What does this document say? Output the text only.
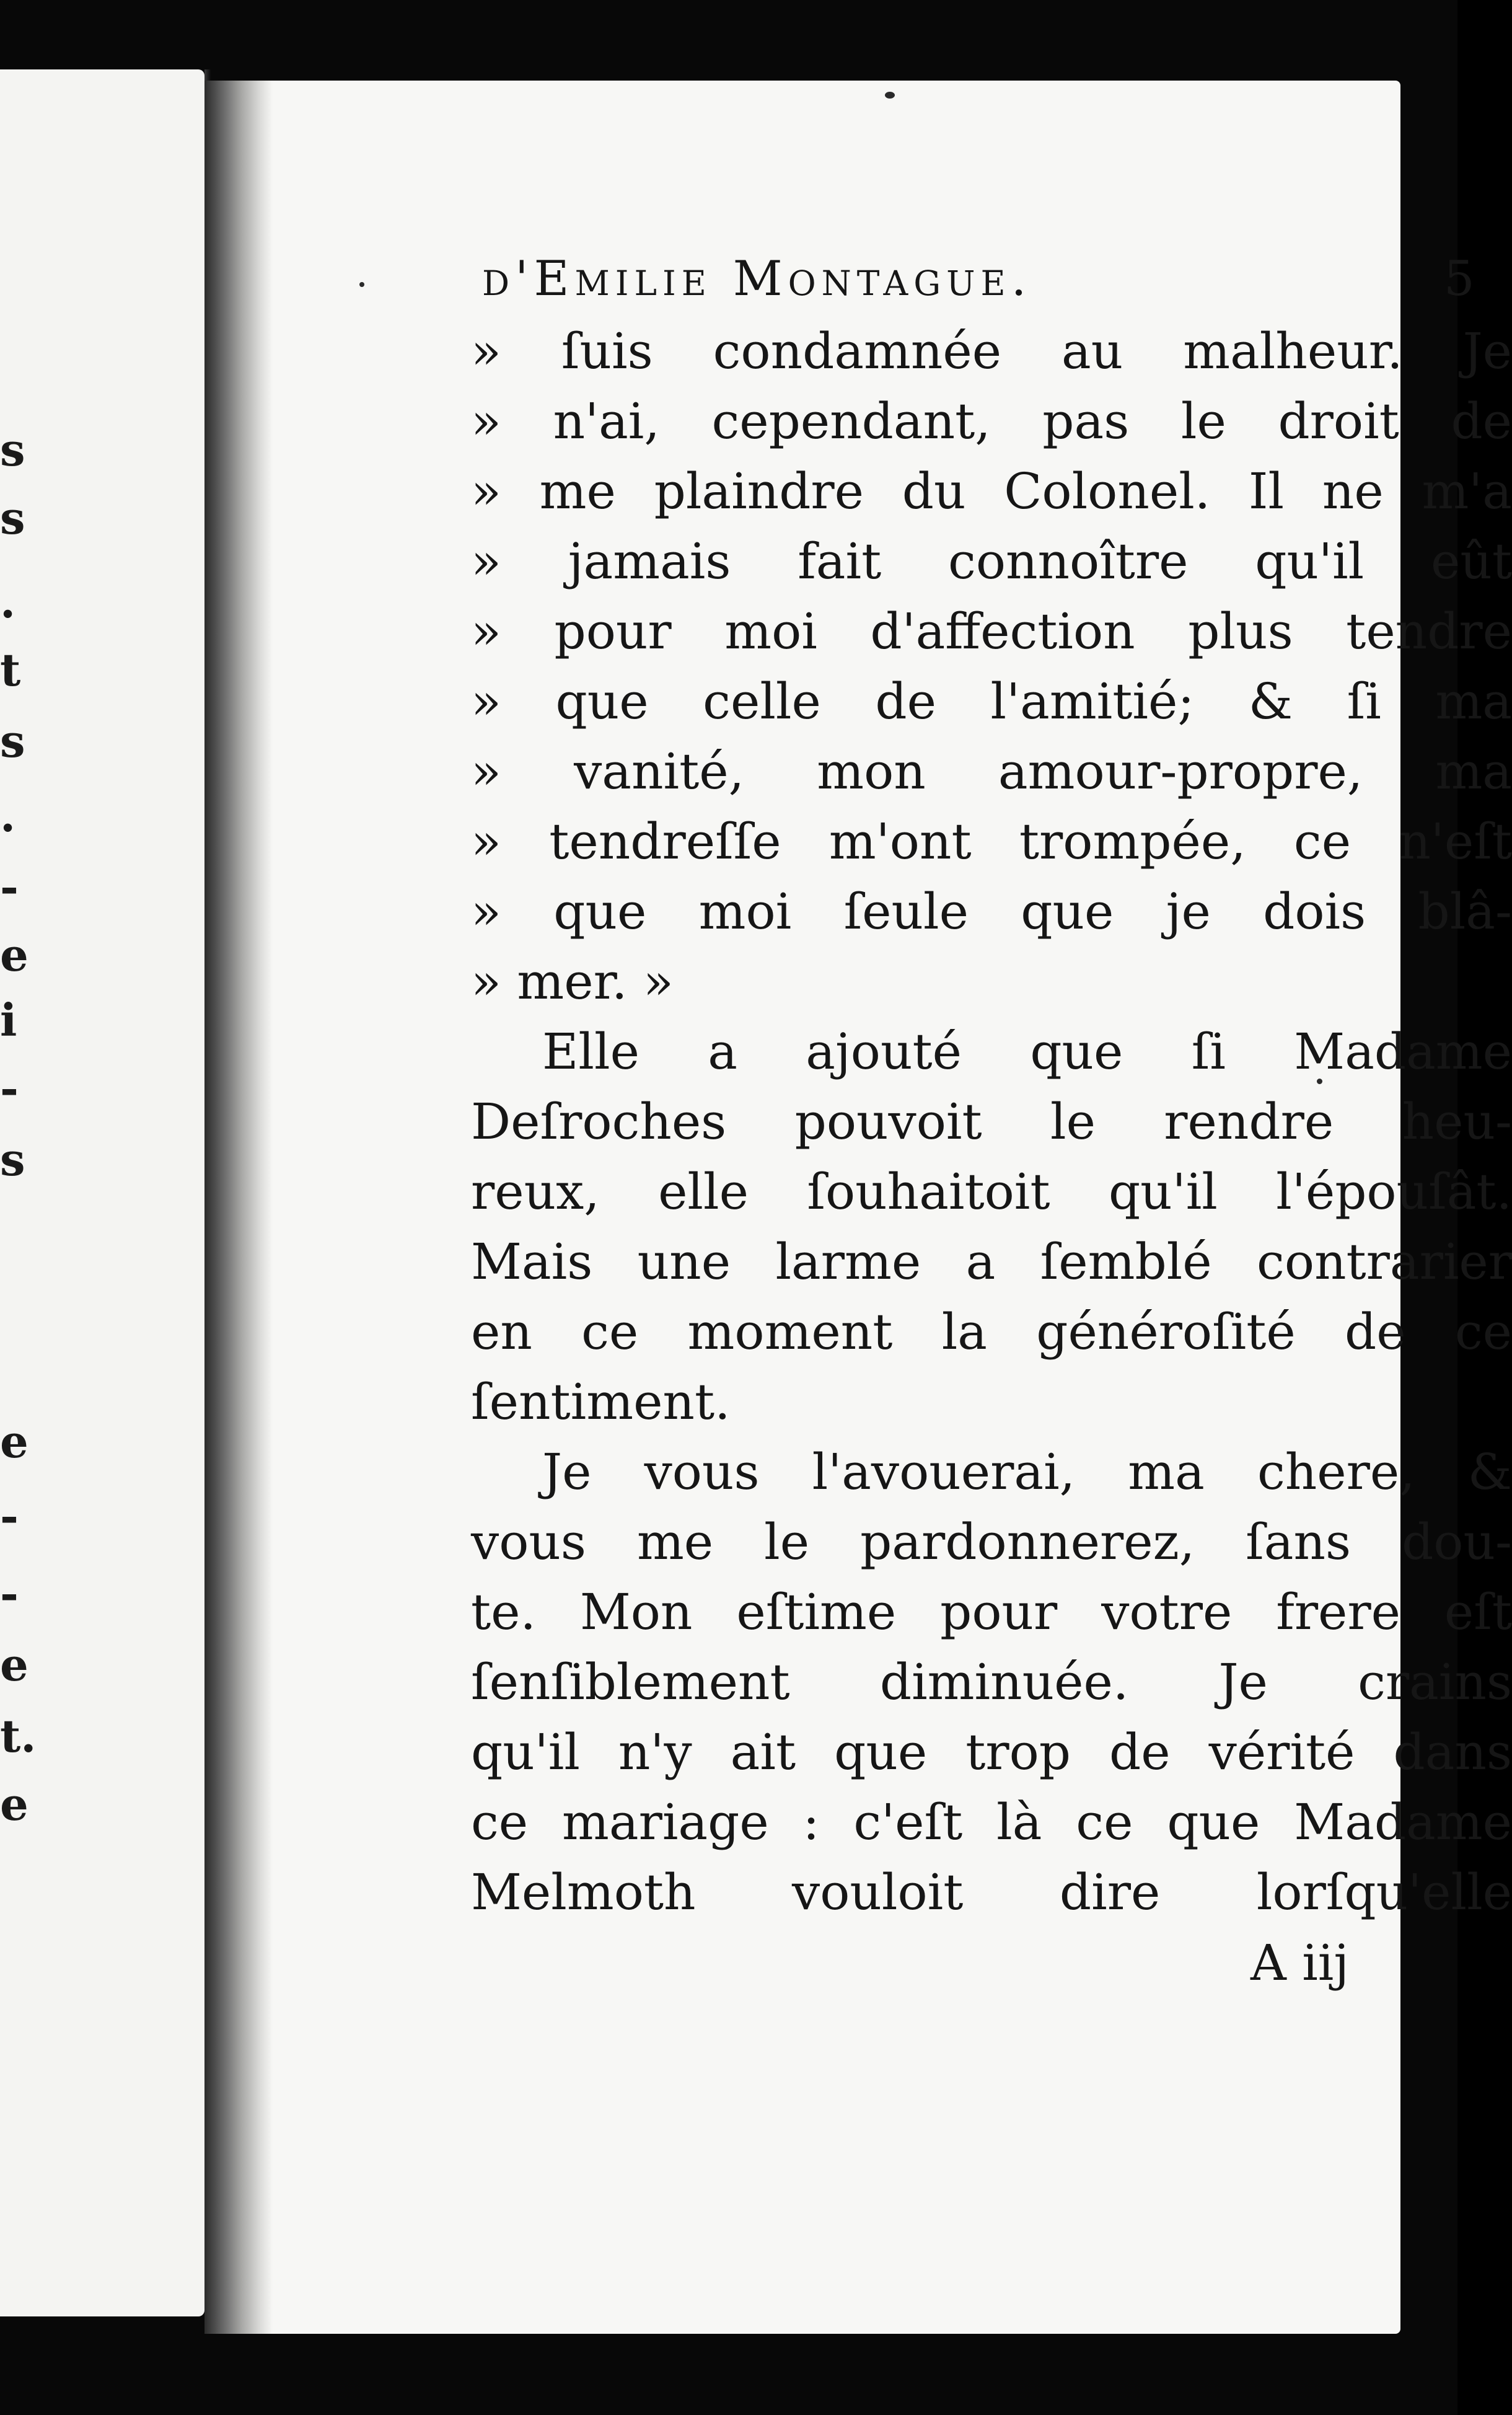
s
s
.
t
s
.
-
e
i
-
s
e
-
-
e
t.
e
d'Emilie Montague.	5
» ſuis condamnée au malheur. Je
» n'ai, cependant, pas le droit de
» me plaindre du Colonel. Il ne m'a
» jamais fait connoître qu'il eût
» pour moi d'affection plus tendre
» que celle de l'amitié; & ſi ma
» vanité, mon amour-propre, ma
» tendreſſe m'ont trompée, ce n'eſt
» que moi ſeule que je dois blâ-
» mer. »
Elle a ajouté que ſi Madame
Deſroches pouvoit le rendre heu-
reux, elle ſouhaitoit qu'il l'épouſât.
Mais une larme a ſemblé contrarier
en ce moment la généroſité de ce
ſentiment.
Je vous l'avouerai, ma chere, &
vous me le pardonnerez, ſans dou-
te. Mon eſtime pour votre frere eſt
ſenſiblement diminuée. Je crains
qu'il n'y ait que trop de vérité dans
ce mariage : c'eſt là ce que Madame
Melmoth vouloit dire lorſqu'elle
A iij
